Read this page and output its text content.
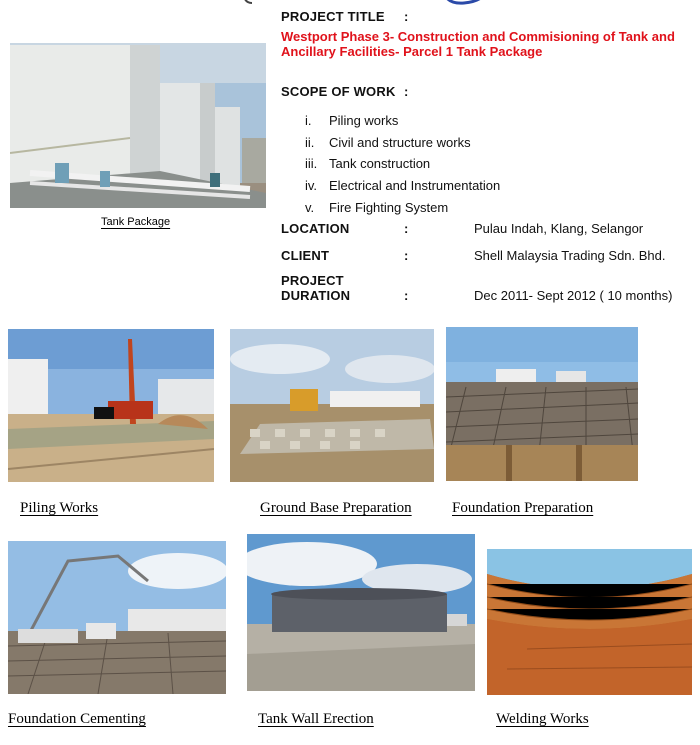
PROJECT TITLE :
Westport Phase 3- Construction and Commisioning of Tank and
Ancillary Facilities- Parcel 1 Tank Package
SCOPE OF WORK :
i.	Piling works
ii.	Civil and structure works
iii. Tank construction
iv. Electrical and Instrumentation
v.	Fire Fighting System
LOCATION	:	Pulau Indah, Klang, Selangor
CLIENT	:	Shell Malaysia Trading Sdn. Bhd.
PROJECT
DURATION	:	Dec 2011- Sept 2012 ( 10 months)
Tank Package
Piling Works	Ground Base Preparation	Foundation Preparation
Foundation Cementing	Tank Wall Erection	Welding Works
